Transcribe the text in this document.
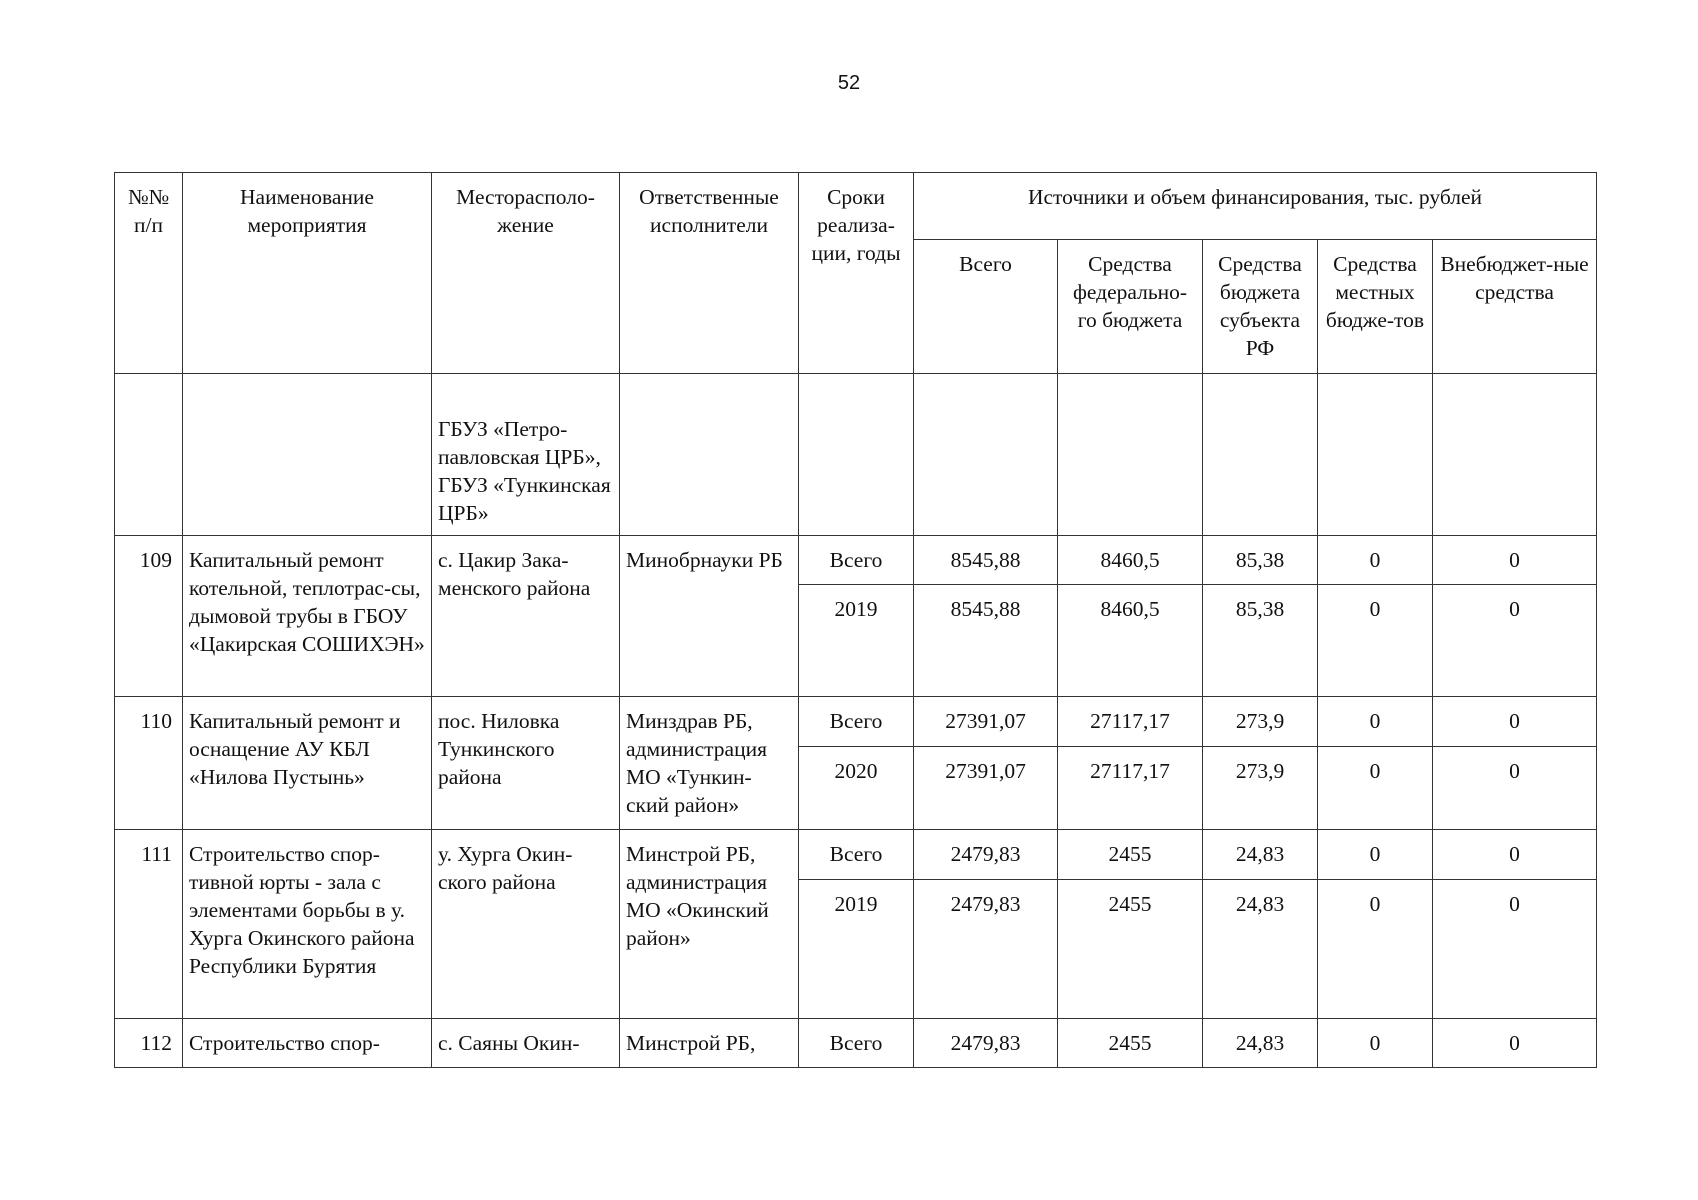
52
№№ п/п	Наименование мероприятия	Месторасполо-жение	Ответственные исполнители	Сроки реализа-ции, годы	Источники и объем финансирования, тыс. рублей				
					Всего	Средства федерально-го бюджета	Средства бюджета субъекта РФ	Средства местных бюдже-тов	Внебюджет-ные средства
		ГБУЗ «Петро-павловская ЦРБ», ГБУЗ «Тункинская ЦРБ»							
109	Капитальный ремонт котельной, теплотрас-сы, дымовой трубы в ГБОУ «Цакирская СОШИХЭН»	с. Цакир Зака-менского района	Минобрнауки РБ	Всего	8545,88	8460,5	85,38	0	0
				2019	8545,88	8460,5	85,38	0	0
110	Капитальный ремонт и оснащение АУ КБЛ «Нилова Пустынь»	пос. Ниловка Тункинского района	Минздрав РБ, администрация МО «Тункин-ский район»	Всего	27391,07	27117,17	273,9	0	0
				2020	27391,07	27117,17	273,9	0	0
111	Строительство спор-тивной юрты - зала с элементами борьбы в у. Хурга Окинского района Республики Бурятия	у. Хурга Окин-ского района	Минстрой РБ, администрация МО «Окинский район»	Всего	2479,83	2455	24,83	0	0
				2019	2479,83	2455	24,83	0	0
112	Строительство спор-	с. Саяны Окин-	Минстрой РБ,	Всего	2479,83	2455	24,83	0	0
